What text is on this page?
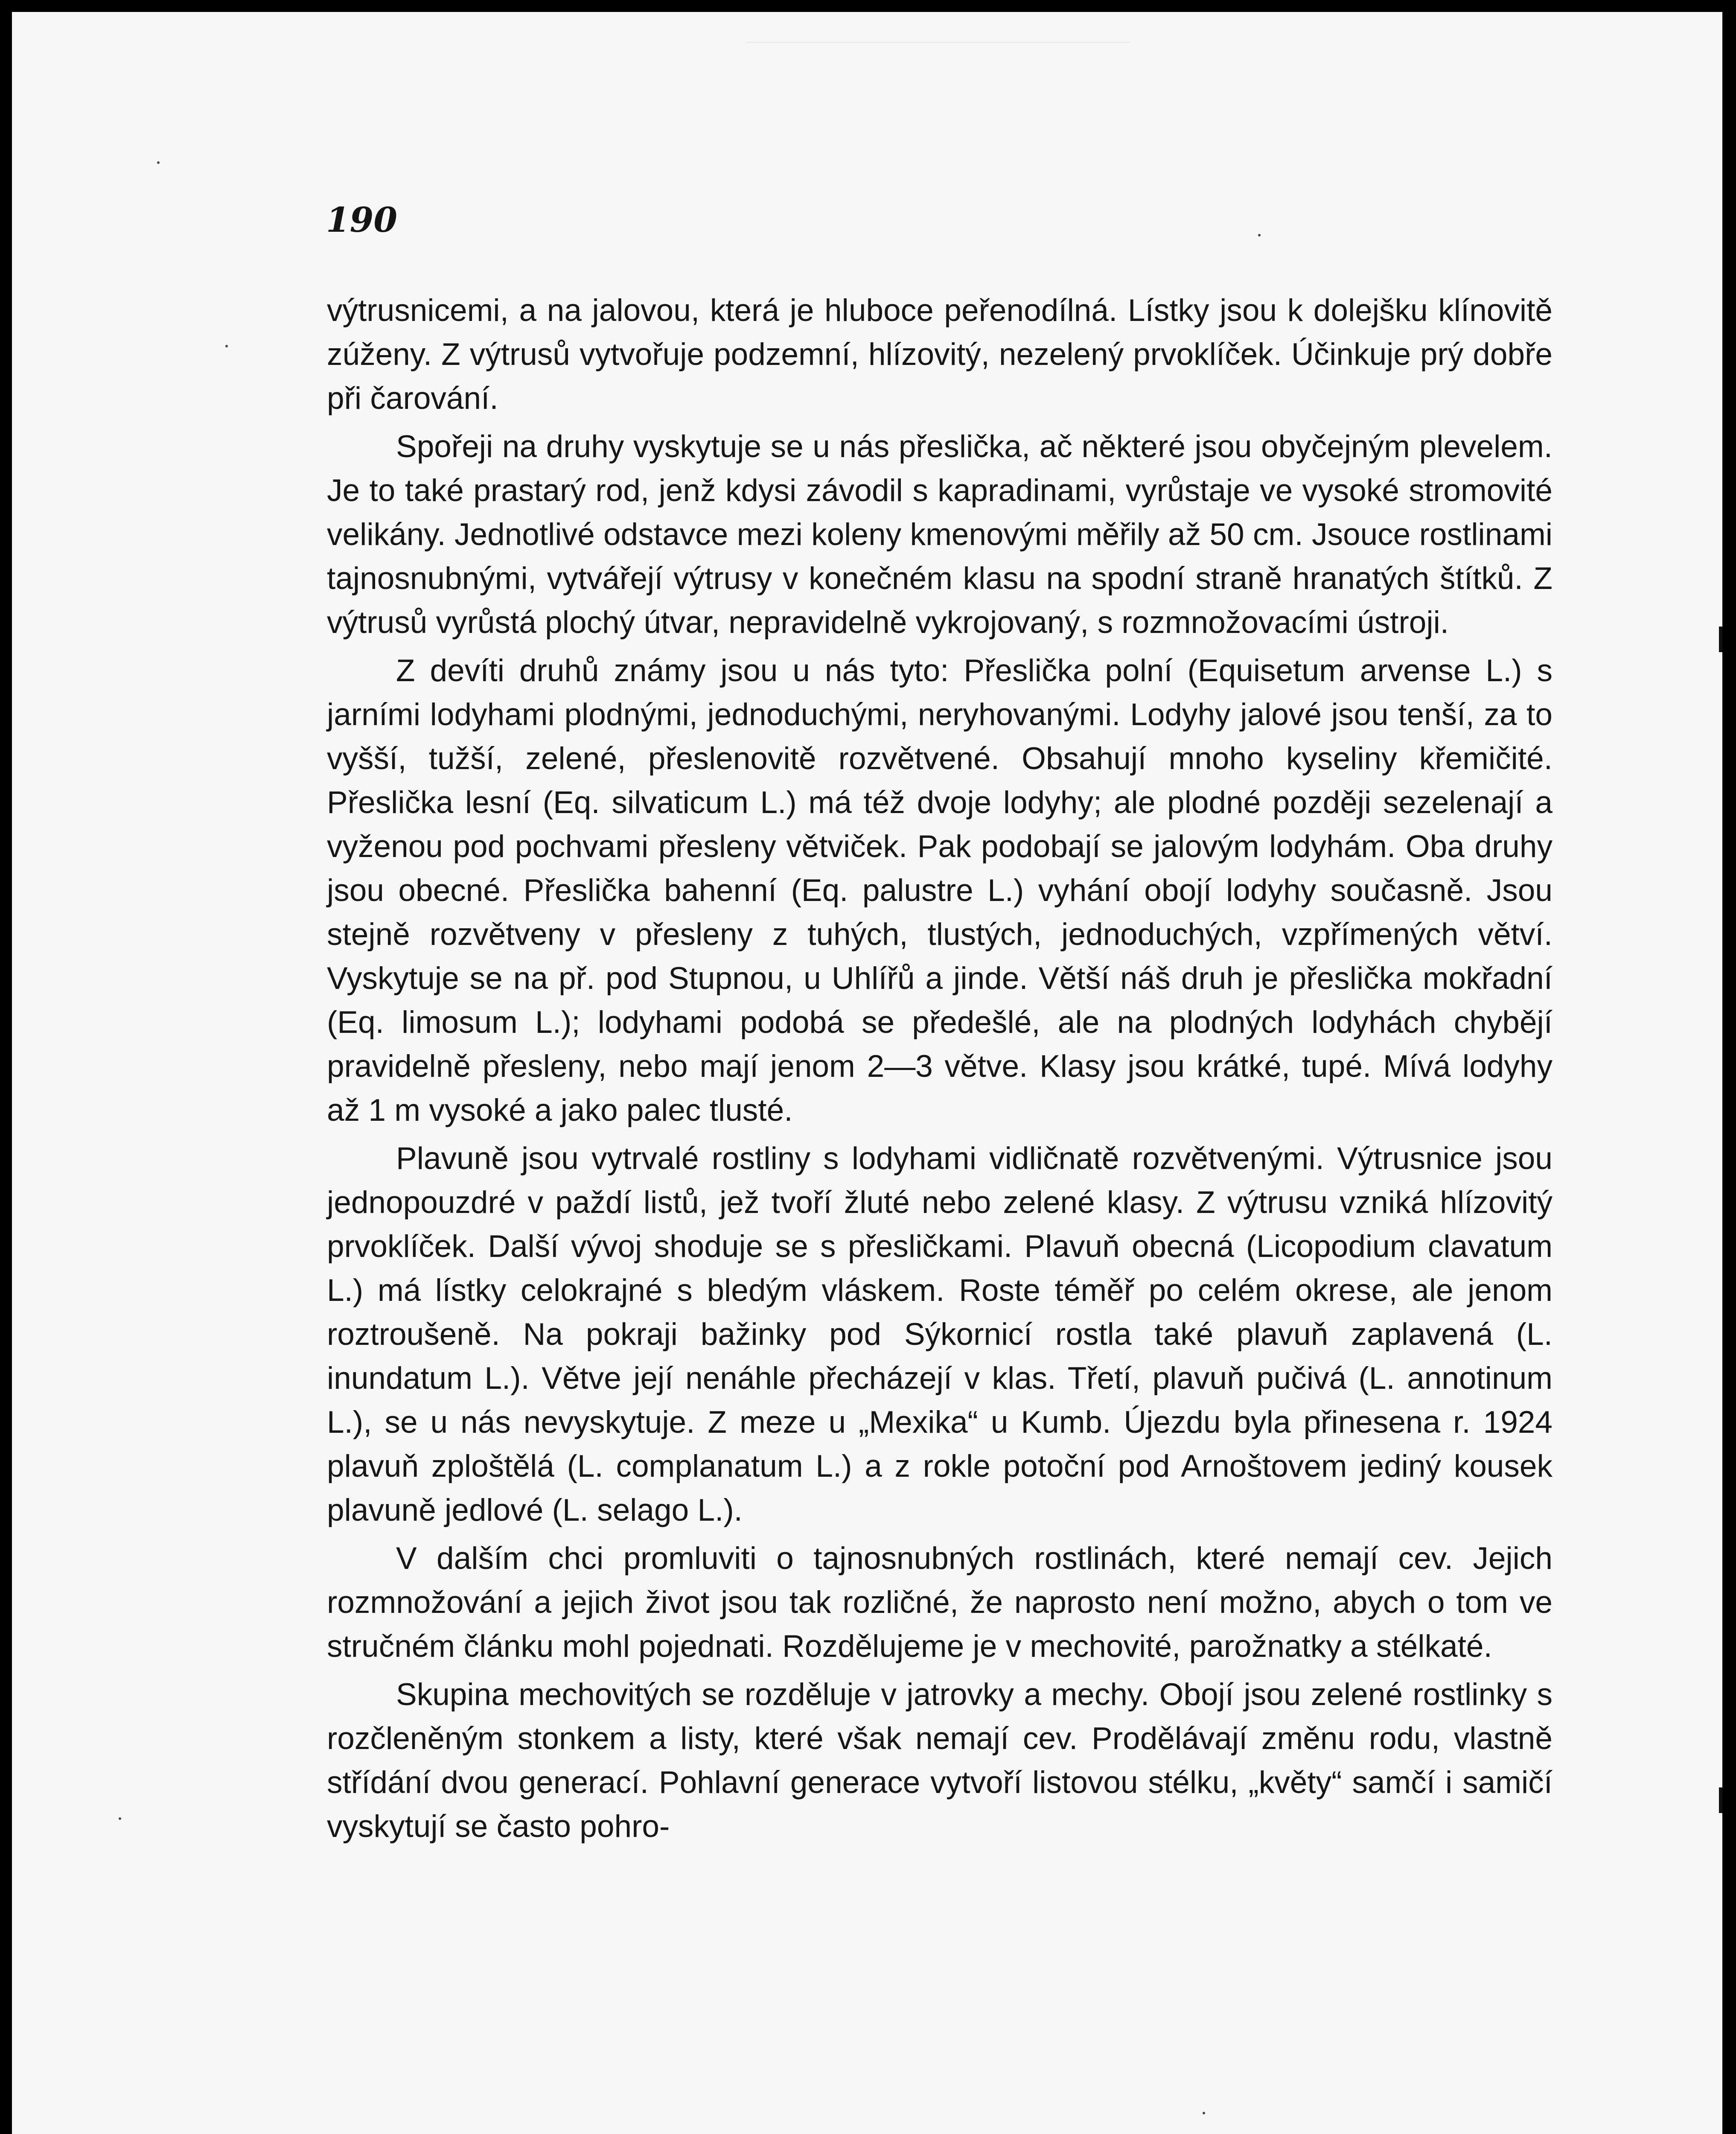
190

výtrusnicemi, a na jalovou, která je hluboce peřenodílná. Lístky jsou k dolejšku klínovitě zúženy. Z výtrusů vytvořuje podzemní, hlízovitý, nezelený prvoklíček. Účinkuje prý dobře při čarování.

Spořeji na druhy vyskytuje se u nás přeslička, ač některé jsou obyčejným plevelem. Je to také prastarý rod, jenž kdysi závodil s kapradinami, vyrůstaje ve vysoké stromovité velikány. Jednotlivé odstavce mezi koleny kmenovými měřily až 50 cm. Jsouce rostlinami tajnosnubnými, vytvářejí výtrusy v konečném klasu na spodní straně hranatých štítků. Z výtrusů vyrůstá plochý útvar, nepravidelně vykrojovaný, s rozmnožovacími ústroji.

Z devíti druhů známy jsou u nás tyto: Přeslička polní (Equisetum arvense L.) s jarními lodyhami plodnými, jednoduchými, neryhovanými. Lodyhy jalové jsou tenší, za to vyšší, tužší, zelené, přeslenovitě rozvětvené. Obsahují mnoho kyseliny křemičité. Přeslička lesní (Eq. silvaticum L.) má též dvoje lodyhy; ale plodné později sezelenají a vyženou pod pochvami přesleny větviček. Pak podobají se jalovým lodyhám. Oba druhy jsou obecné. Přeslička bahenní (Eq. palustre L.) vyhání obojí lodyhy současně. Jsou stejně rozvětveny v přesleny z tuhých, tlustých, jednoduchých, vzpřímených větví. Vyskytuje se na př. pod Stupnou, u Uhlířů a jinde. Větší náš druh je přeslička mokřadní (Eq. limosum L.); lodyhami podobá se předešlé, ale na plodných lodyhách chybějí pravidelně přesleny, nebo mají jenom 2—3 větve. Klasy jsou krátké, tupé. Mívá lodyhy až 1 m vysoké a jako palec tlusté.

Plavuně jsou vytrvalé rostliny s lodyhami vidličnatě rozvětvenými. Výtrusnice jsou jednopouzdré v paždí listů, jež tvoří žluté nebo zelené klasy. Z výtrusu vzniká hlízovitý prvoklíček. Další vývoj shoduje se s přesličkami. Plavuň obecná (Licopodium clavatum L.) má lístky celokrajné s bledým vláskem. Roste téměř po celém okrese, ale jenom roztroušeně. Na pokraji bažinky pod Sýkornicí rostla také plavuň zaplavená (L. inundatum L.). Větve její nenáhle přecházejí v klas. Třetí, plavuň pučivá (L. annotinum L.), se u nás nevyskytuje. Z meze u „Mexika“ u Kumb. Újezdu byla přinesena r. 1924 plavuň zploštělá (L. complanatum L.) a z rokle potoční pod Arnoštovem jediný kousek plavuně jedlové (L. selago L.).

V dalším chci promluviti o tajnosnubných rostlinách, které nemají cev. Jejich rozmnožování a jejich život jsou tak rozličné, že naprosto není možno, abych o tom ve stručném článku mohl pojednati. Rozdělujeme je v mechovité, parožnatky a stélkaté.

Skupina mechovitých se rozděluje v jatrovky a mechy. Obojí jsou zelené rostlinky s rozčleněným stonkem a listy, které však nemají cev. Prodělávají změnu rodu, vlastně střídání dvou generací. Pohlavní generace vytvoří listovou stélku, „květy“ samčí i samičí vyskytují se často pohro-
